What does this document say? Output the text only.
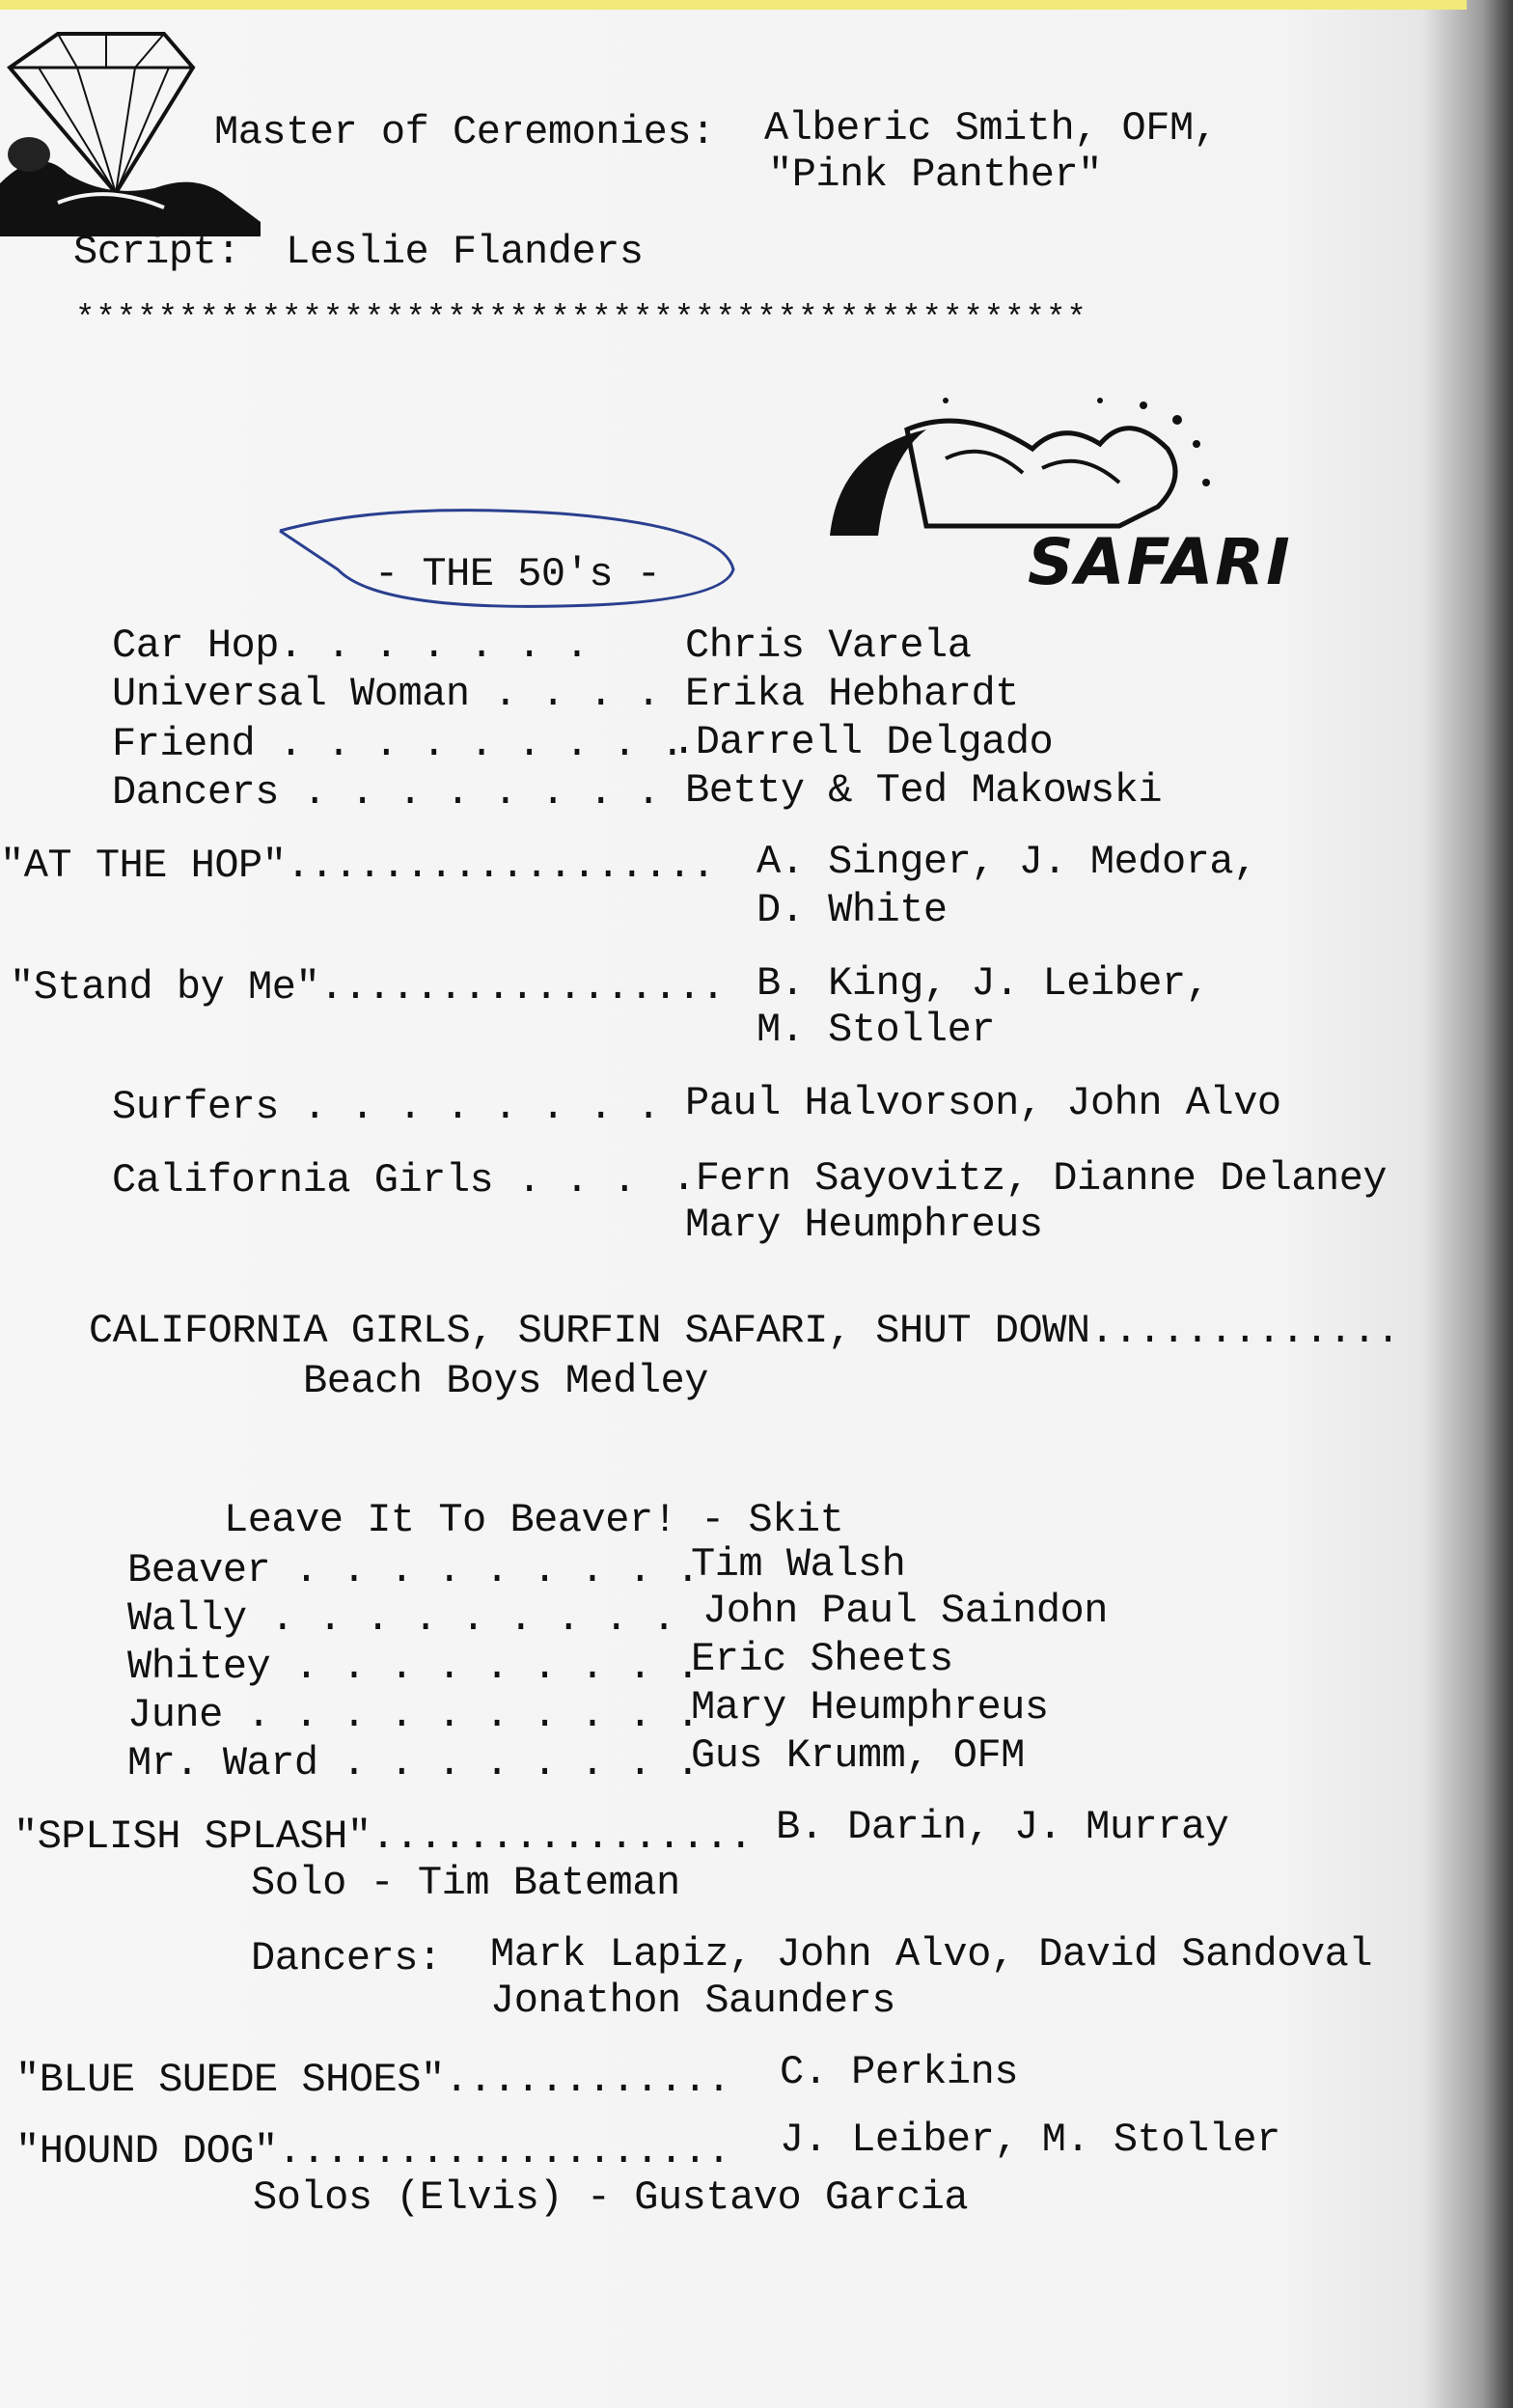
Master of Ceremonies: Alberic Smith, OFM,
"Pink Panther"
Script: Leslie Flanders
*************************************************
SAFARI
- THE 50's -
Car Hop. . . . . . . Chris Varela
Universal Woman . . . . Erika Hebhardt
Friend . . . . . . . . .
.Darrell Delgado
Dancers . . . . . . . . Betty & Ted Makowski
"AT THE HOP".................. A. Singer, J. Medora,
D. White
"Stand by Me"................. B. King, J. Leiber,
M. Stoller
Surfers . . . . . . . . Paul Halvorson, John Alvo
California Girls . . . .Fern Sayovitz, Dianne Delaney
Mary Heumphreus
CALIFORNIA GIRLS, SURFIN SAFARI, SHUT DOWN.............
Beach Boys Medley
Leave It To Beaver! - Skit
Beaver . . . . . . . . .
Tim Walsh
Wally . . . . . . . . . John Paul Saindon
Whitey . . . . . . . . .
Eric Sheets
June . . . . . . . . . .
Mary Heumphreus
Mr. Ward . . . . . . . .
Gus Krumm, OFM
"SPLISH SPLASH"................ B. Darin, J. Murray
Solo - Tim Bateman
Dancers: Mark Lapiz, John Alvo, David Sandoval
Jonathon Saunders
"BLUE SUEDE SHOES"............ C. Perkins
"HOUND DOG"................... J. Leiber, M. Stoller
Solos (Elvis) - Gustavo Garcia
